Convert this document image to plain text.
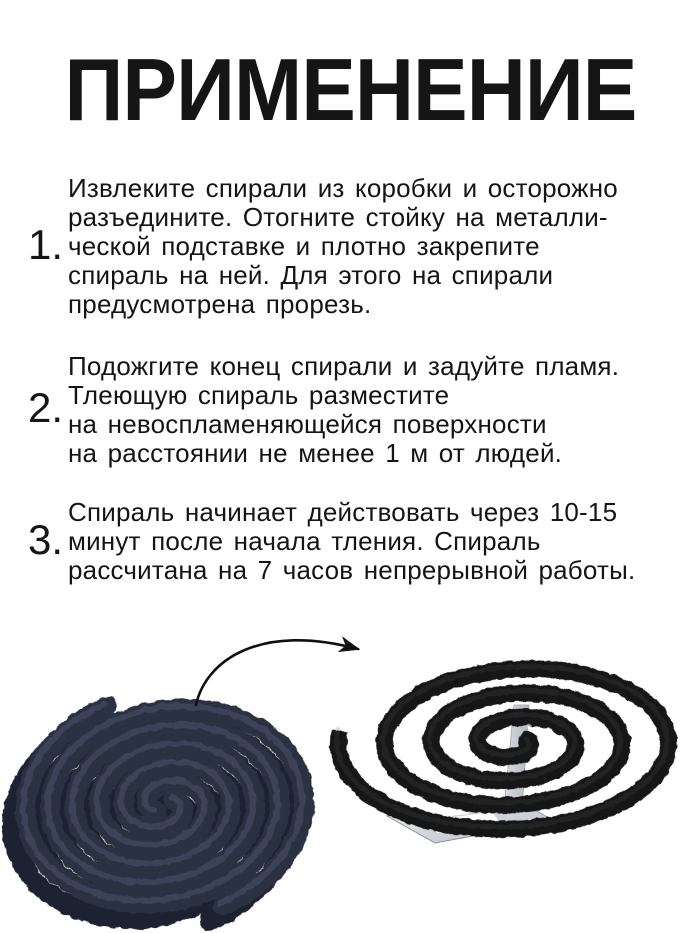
ПРИМЕНЕНИЕ
1.
Извлеките спирали из коробки и осторожно
разъедините. Отогните стойку на металли-
ческой подставке и плотно закрепите
спираль на ней. Для этого на спирали
предусмотрена прорезь.
2.
Подожгите конец спирали и задуйте пламя.
Тлеющую спираль разместите
на невоспламеняющейся поверхности
на расстоянии не менее 1 м от людей.
3.
Спираль начинает действовать через 10-15
минут после начала тления. Спираль
рассчитана на 7 часов непрерывной работы.
